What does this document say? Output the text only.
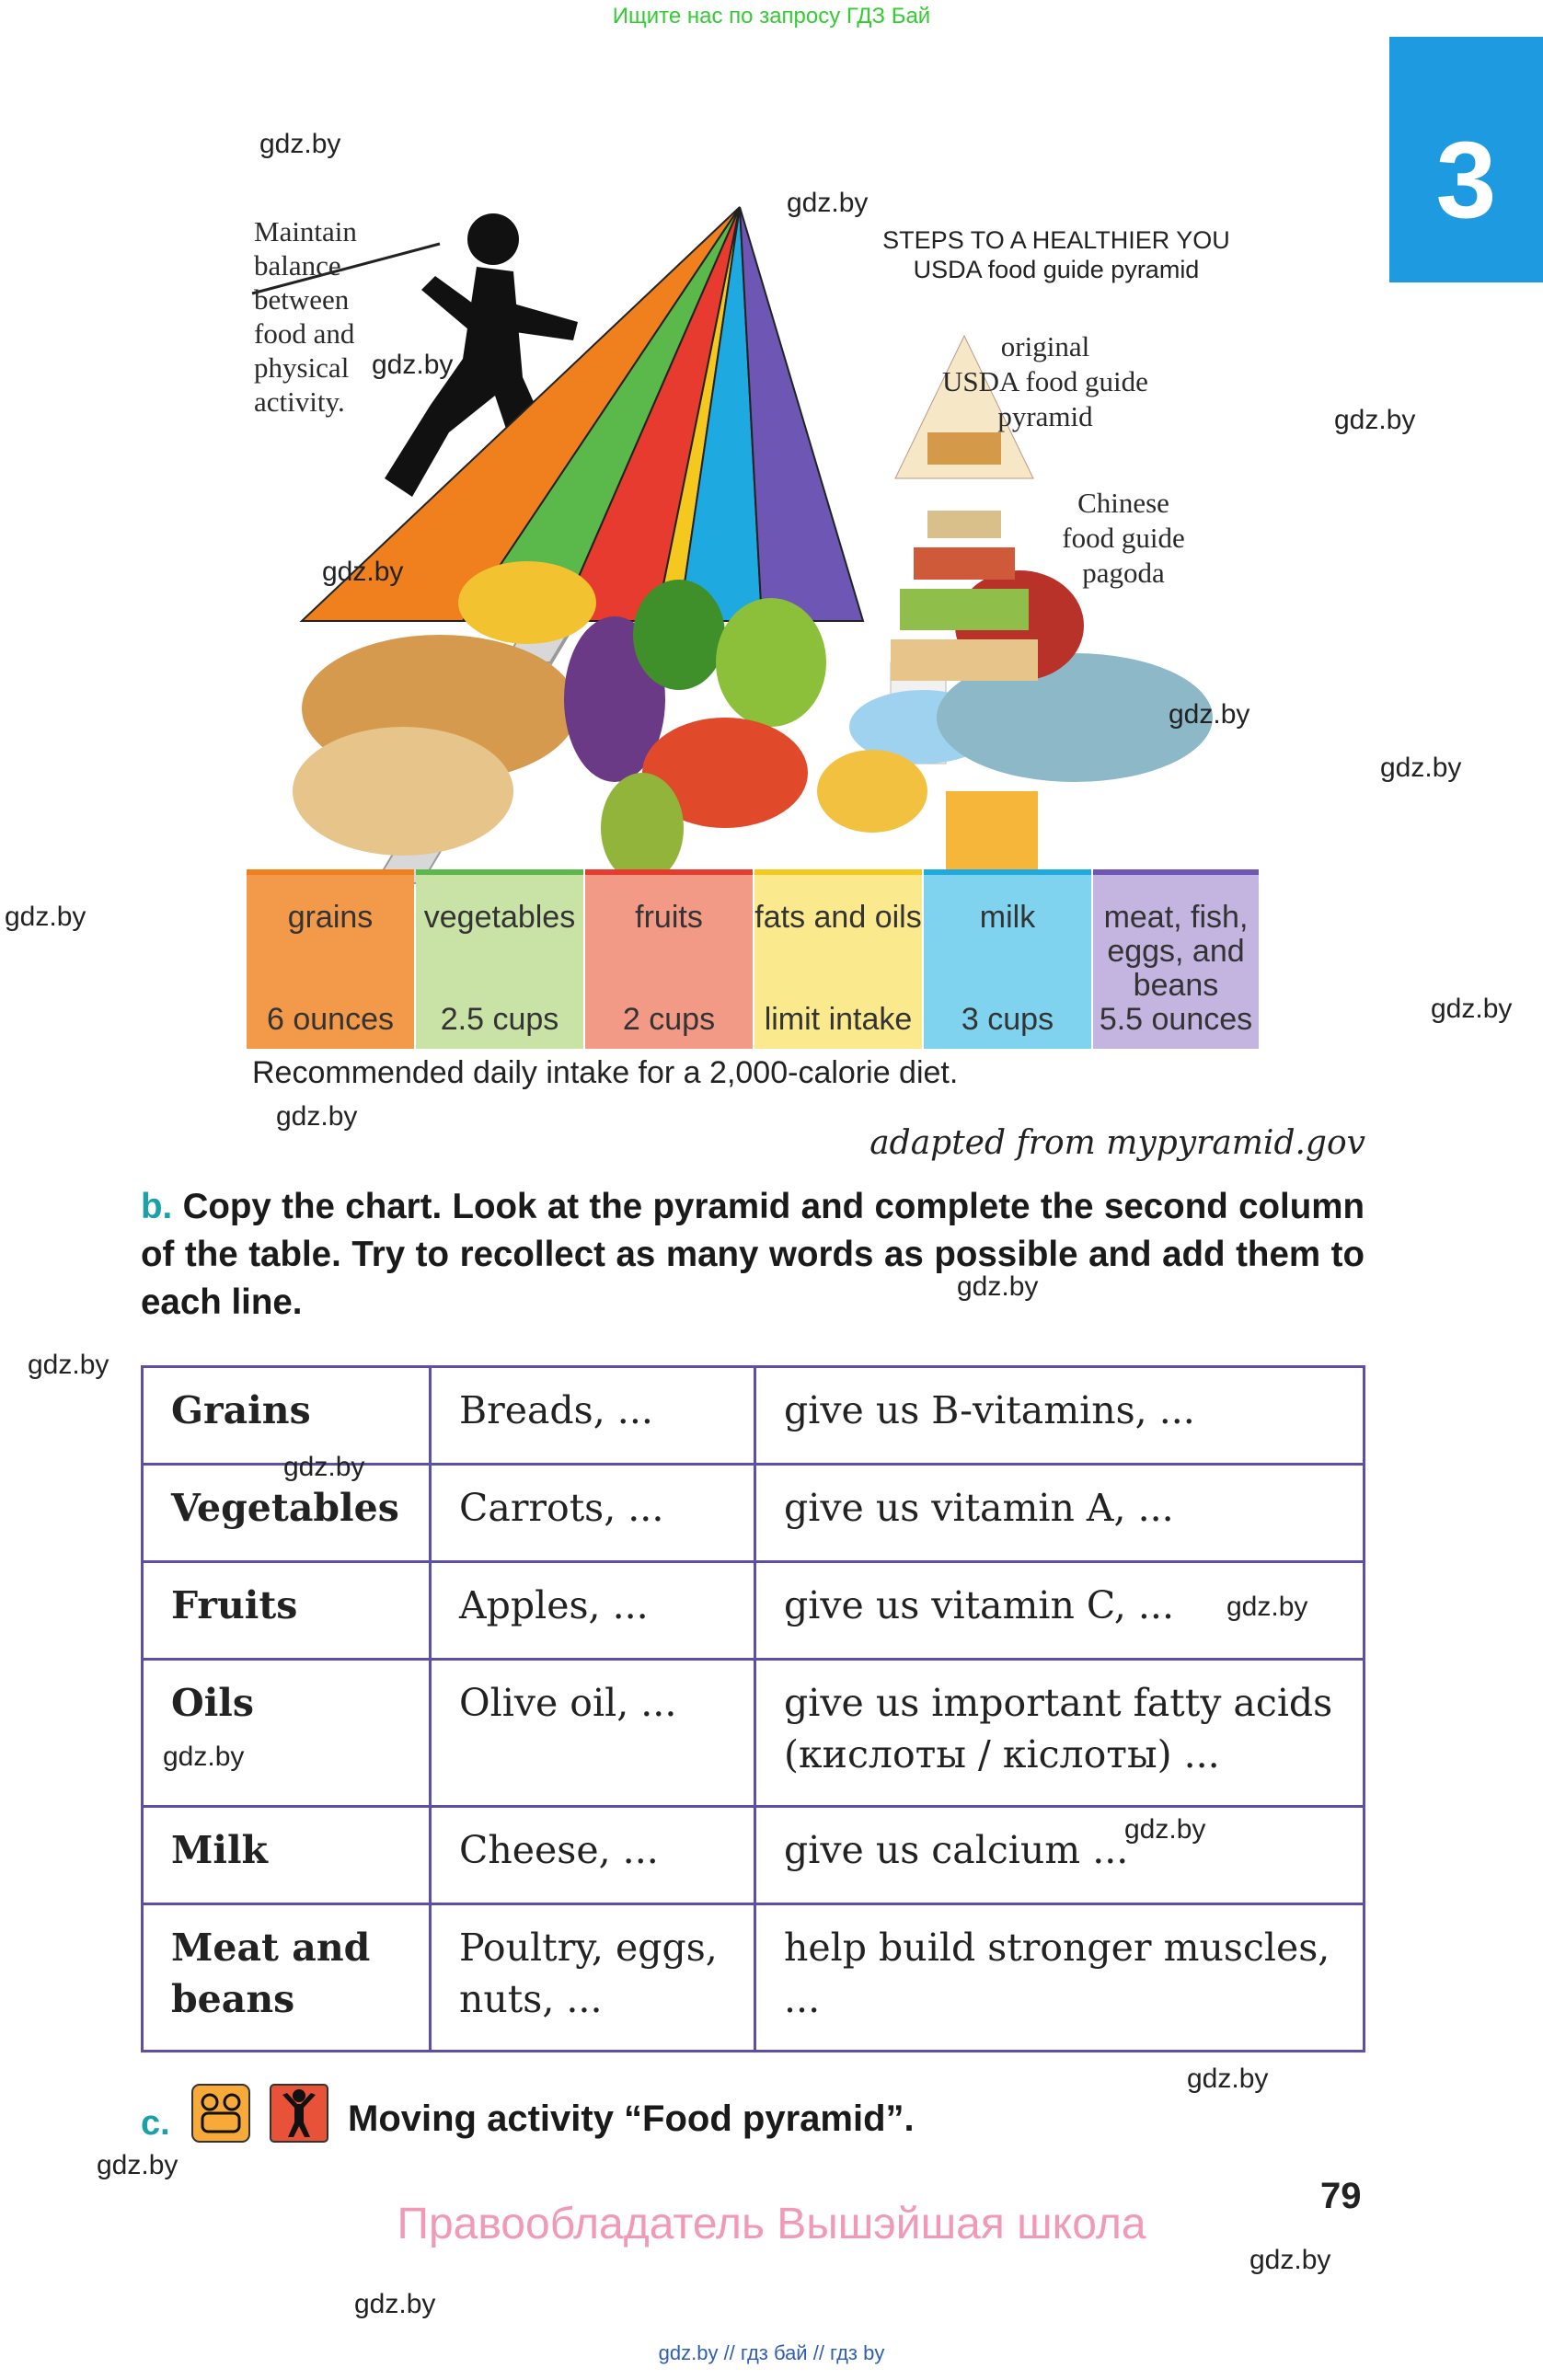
Ищите нас по запросу ГДЗ Бай
3
Maintain
balance
between
food and
physical
activity.
STEPS TO A HEALTHIER YOU
USDA food guide pyramid
original
USDA food guide
pyramid
Chinese
food guide
pagoda
grains
6 ounces
vegetables
2.5 cups
fruits
2 cups
fats and oils
limit intake
milk
3 cups
meat, fish, eggs, and beans
5.5 ounces
Recommended daily intake for a 2,000-calorie diet.
adapted from mypyramid.gov
b. Copy the chart. Look at the pyramid and complete the second column of the table. Try to recollect as many words as possible and add them to each line.
Grains	Breads, ...	give us B-vitamins, ...
Vegetables	Carrots, ...	give us vitamin A, ...
Fruits	Apples, ...	give us vitamin C, ...
Oils	Olive oil, ...	give us important fatty acids (кислоты / кіслоты) ...
Milk	Cheese, ...	give us calcium ...
Meat and beans	Poultry, eggs, nuts, ...	help build stronger muscles, ...
c.	Moving activity “Food pyramid”.
79
Правообладатель Вышэйшая школа
gdz.by // гдз бай // гдз by
gdz.by
gdz.by
gdz.by
gdz.by
gdz.by
gdz.by
gdz.by
gdz.by
gdz.by
gdz.by
gdz.by
gdz.by
gdz.by
gdz.by
gdz.by
gdz.by
gdz.by
gdz.by
gdz.by
gdz.by
